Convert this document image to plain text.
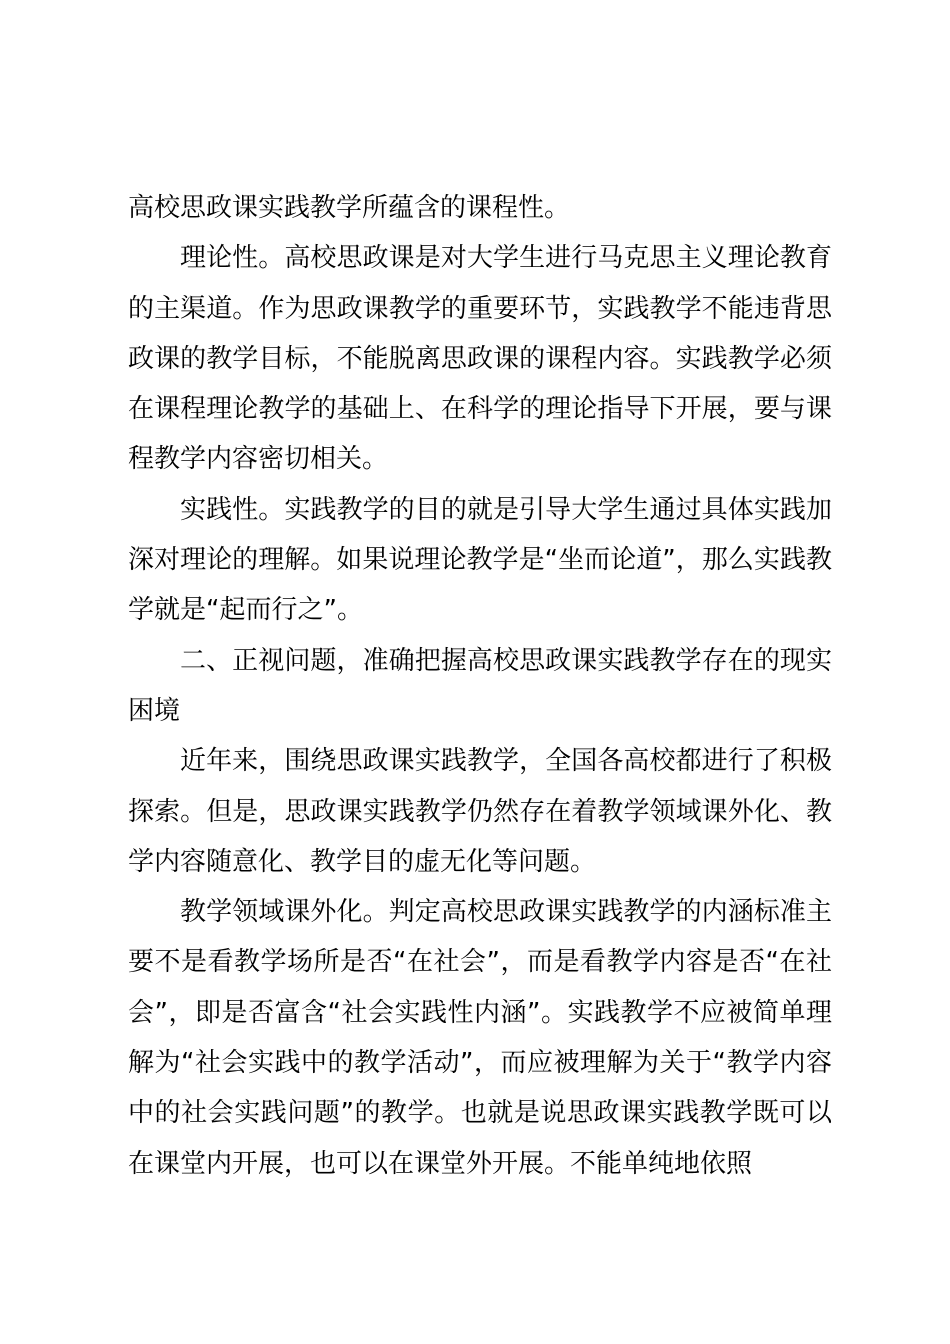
高校思政课实践教学所蕴含的课程性。

理论性。高校思政课是对大学生进行马克思主义理论教育的主渠道。作为思政课教学的重要环节，实践教学不能违背思政课的教学目标，不能脱离思政课的课程内容。实践教学必须在课程理论教学的基础上、在科学的理论指导下开展，要与课程教学内容密切相关。

实践性。实践教学的目的就是引导大学生通过具体实践加深对理论的理解。如果说理论教学是“坐而论道”，那么实践教学就是“起而行之”。

二、正视问题，准确把握高校思政课实践教学存在的现实困境

近年来，围绕思政课实践教学，全国各高校都进行了积极探索。但是，思政课实践教学仍然存在着教学领域课外化、教学内容随意化、教学目的虚无化等问题。

教学领域课外化。判定高校思政课实践教学的内涵标准主要不是看教学场所是否“在社会”，而是看教学内容是否“在社会”，即是否富含“社会实践性内涵”。实践教学不应被简单理解为“社会实践中的教学活动”，而应被理解为关于“教学内容中的社会实践问题”的教学。也就是说思政课实践教学既可以在课堂内开展，也可以在课堂外开展。不能单纯地依照
